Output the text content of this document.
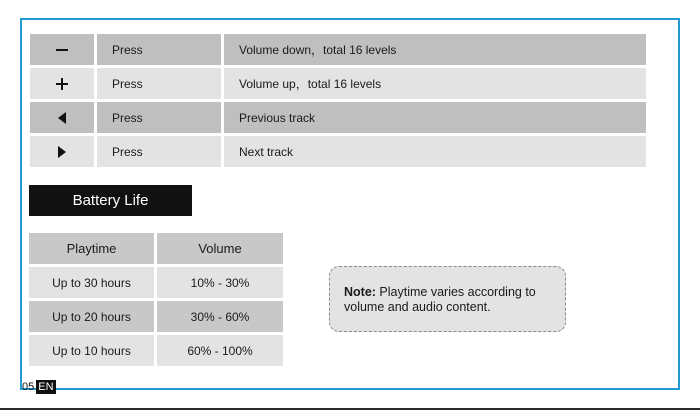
Press	Volume down，total 16 levels
Press	Volume up，total 16 levels
Press	Previous track
Press	Next track
Battery Life
Playtime	Volume
Up to 30 hours	10% - 30%
Up to 20 hours	30% - 60%
Up to 10 hours	60% - 100%
Note: Playtime varies according to volume and audio content.
05 EN
